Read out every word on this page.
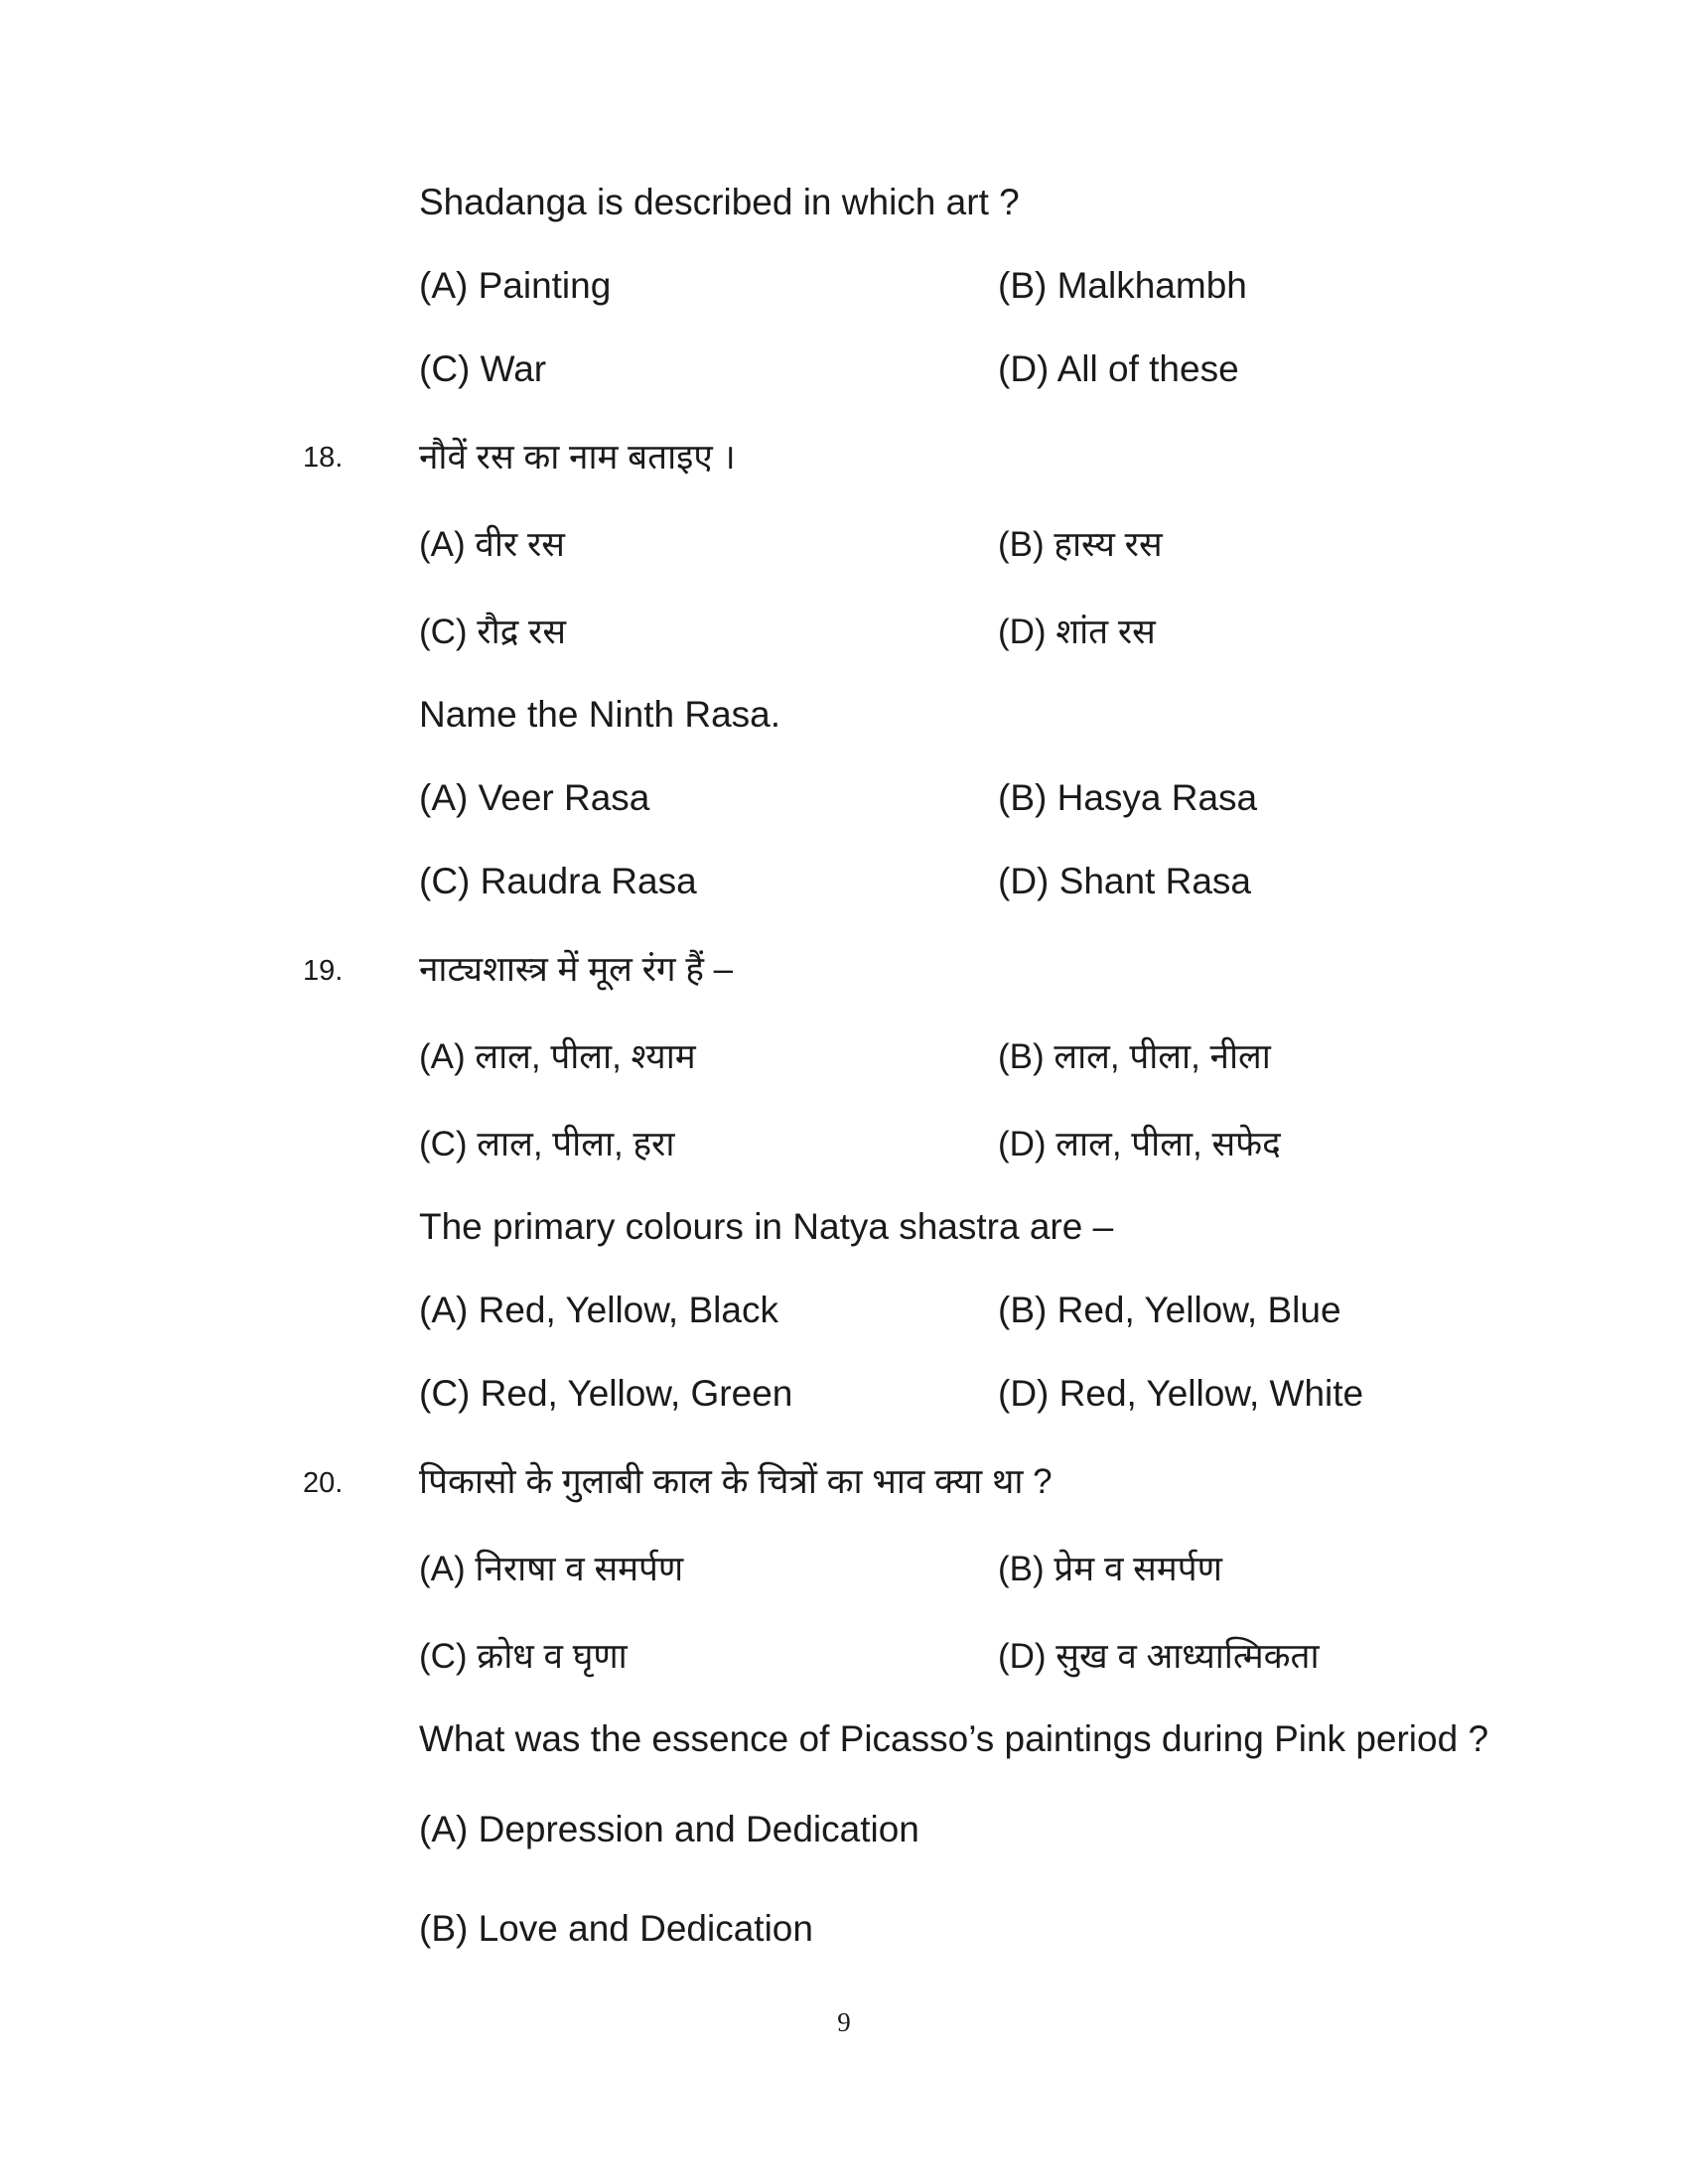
Shadanga is described in which art ?
(A) Painting	(B) Malkhambh
(C) War	(D) All of these
18. नौवें रस का नाम बताइए ।
(A) वीर रस	(B) हास्य रस
(C) रौद्र रस	(D) शांत रस
Name the Ninth Rasa.
(A) Veer Rasa	(B) Hasya Rasa
(C) Raudra Rasa	(D) Shant Rasa
19. नाट्यशास्त्र में मूल रंग हैं –
(A) लाल, पीला, श्याम	(B) लाल, पीला, नीला
(C) लाल, पीला, हरा	(D) लाल, पीला, सफेद
The primary colours in Natya shastra are –
(A) Red, Yellow, Black	(B) Red, Yellow, Blue
(C) Red, Yellow, Green	(D) Red, Yellow, White
20. पिकासो के गुलाबी काल के चित्रों का भाव क्या था ?
(A) निराषा व समर्पण	(B) प्रेम व समर्पण
(C) क्रोध व घृणा	(D) सुख व आध्यात्मिकता
What was the essence of Picasso’s paintings during Pink period ?
(A) Depression and Dedication
(B) Love and Dedication
9
